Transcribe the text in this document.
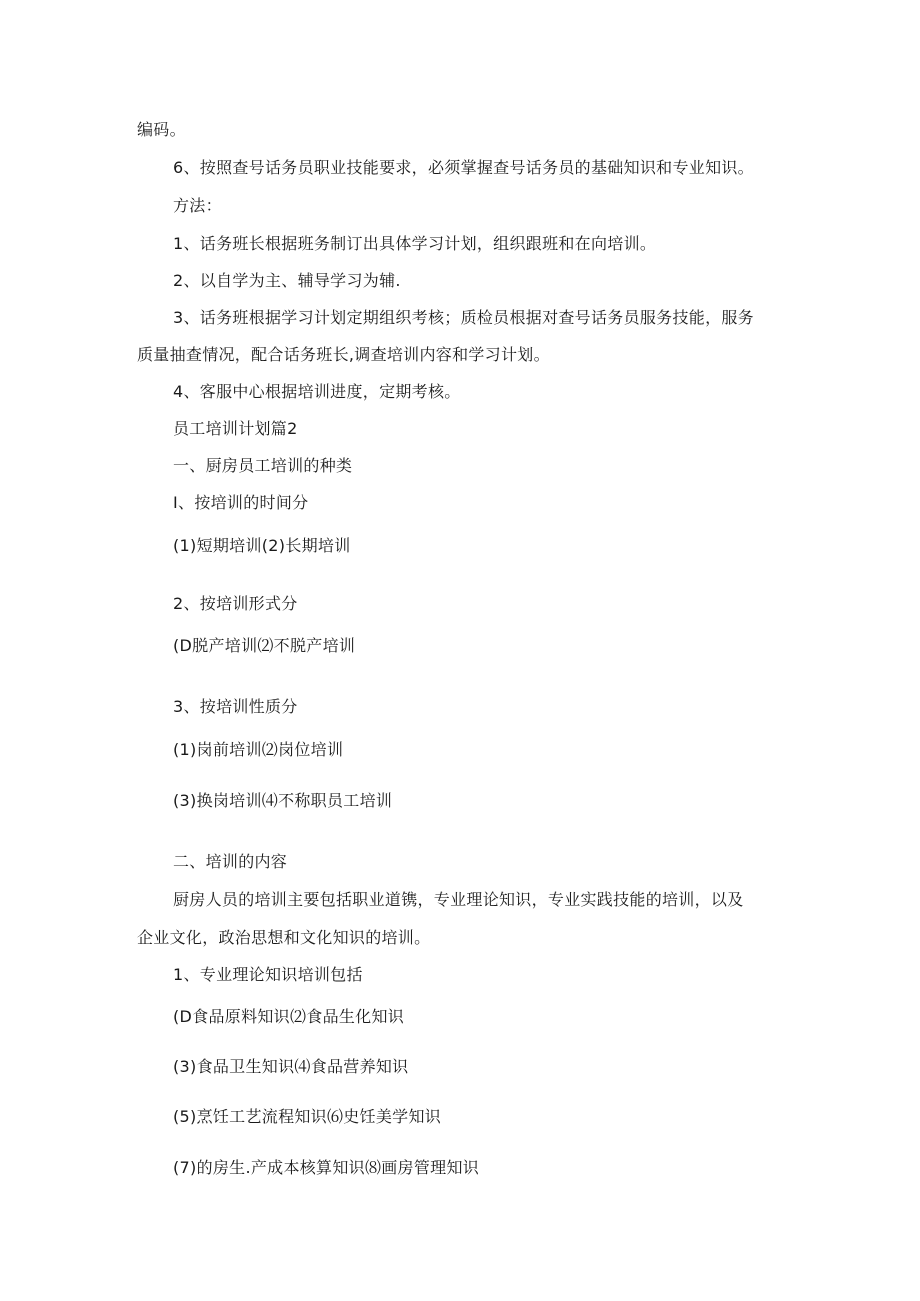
编码。
6、按照查号话务员职业技能要求，必须掌握查号话务员的基础知识和专业知识。
方法：
1、话务班长根据班务制订出具体学习计划，组织跟班和在向培训。
2、以自学为主、辅导学习为辅.
3、话务班根据学习计划定期组织考核；质检员根据对查号话务员服务技能，服务
质量抽查情况，配合话务班长,调查培训内容和学习计划。
4、客服中心根据培训进度，定期考核。
员工培训计划篇2
一、厨房员工培训的种类
I、按培训的时间分
(1)短期培训(2)长期培训
2、按培训形式分
(D脱产培训⑵不脱产培训
3、按培训性质分
(1)岗前培训⑵岗位培训
(3)换岗培训⑷不称职员工培训
二、培训的内容
厨房人员的培训主要包括职业道镌，专业理论知识，专业实践技能的培训，以及
企业文化，政治思想和文化知识的培训。
1、专业理论知识培训包括
(D食品原料知识⑵食品生化知识
(3)食品卫生知识⑷食品营养知识
(5)烹饪工艺流程知识⑹史饪美学知识
(7)的房生.产成本核算知识⑻画房管理知识
